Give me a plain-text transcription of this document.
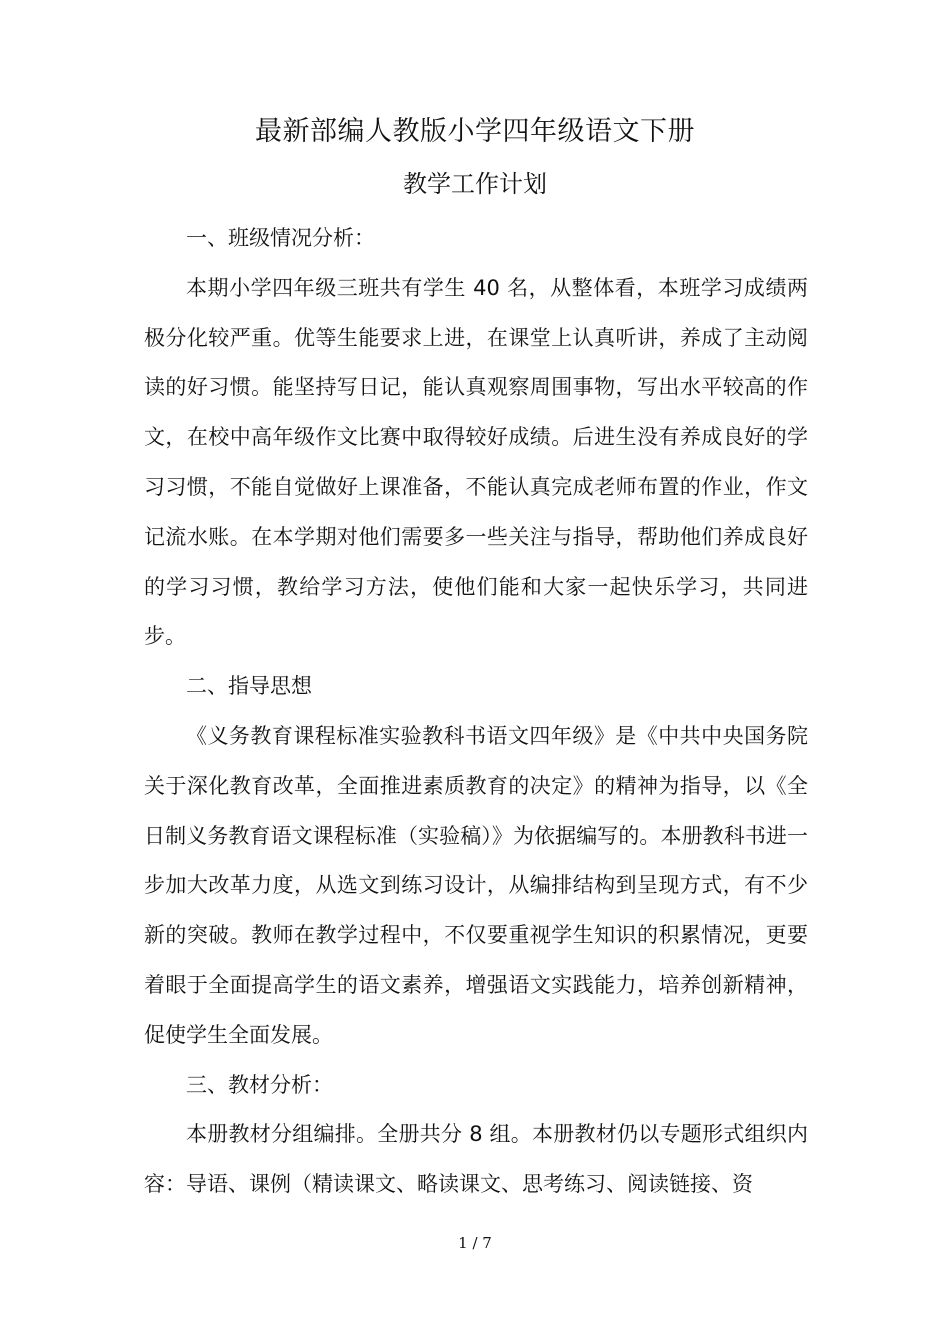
最新部编人教版小学四年级语文下册
教学工作计划

一、班级情况分析：

本期小学四年级三班共有学生 40 名，从整体看，本班学习成绩两极分化较严重。优等生能要求上进，在课堂上认真听讲，养成了主动阅读的好习惯。能坚持写日记，能认真观察周围事物，写出水平较高的作文，在校中高年级作文比赛中取得较好成绩。后进生没有养成良好的学习习惯，不能自觉做好上课准备，不能认真完成老师布置的作业，作文记流水账。在本学期对他们需要多一些关注与指导，帮助他们养成良好的学习习惯，教给学习方法，使他们能和大家一起快乐学习，共同进步。

二、指导思想

《义务教育课程标准实验教科书语文四年级》是《中共中央国务院关于深化教育改革，全面推进素质教育的决定》的精神为指导，以《全日制义务教育语文课程标准（实验稿）》为依据编写的。本册教科书进一步加大改革力度，从选文到练习设计，从编排结构到呈现方式，有不少新的突破。教师在教学过程中，不仅要重视学生知识的积累情况，更要着眼于全面提高学生的语文素养，增强语文实践能力，培养创新精神，促使学生全面发展。

三、教材分析：

本册教材分组编排。全册共分 8 组。本册教材仍以专题形式组织内容：导语、课例（精读课文、略读课文、思考练习、阅读链接、资

1 / 7
